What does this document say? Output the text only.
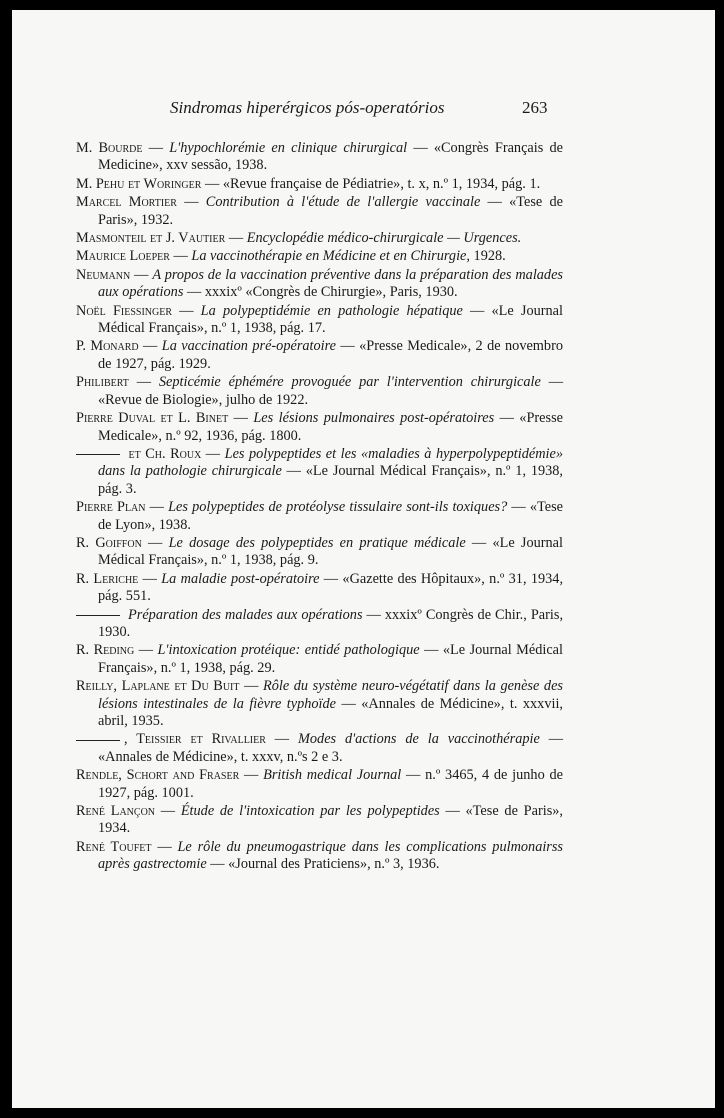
Sindromas hiperérgicos pós-operatórios	263

M. Bourde — L'hypochlorémie en clinique chirurgical — «Congrès Français de Medicine», xxv sessão, 1938.

M. Pehu et Woringer — «Revue française de Pédiatrie», t. x, n.º 1, 1934, pág. 1.

Marcel Mortier — Contribution à l'étude de l'allergie vaccinale — «Tese de Paris», 1932.

Masmonteil et J. Vautier — Encyclopédie médico-chirurgicale — Urgences.

Maurice Loeper — La vaccinothérapie en Médicine et en Chirurgie, 1928.

Neumann — A propos de la vaccination préventive dans la préparation des malades aux opérations — xxxixº «Congrès de Chirurgie», Paris, 1930.

Noël Fiessinger — La polypeptidémie en pathologie hépatique — «Le Journal Médical Français», n.º 1, 1938, pág. 17.

P. Monard — La vaccination pré-opératoire — «Presse Medicale», 2 de novembro de 1927, pág. 1929.

Philibert — Septicémie éphémére provoguée par l'intervention chirurgicale — «Revue de Biologie», julho de 1922.

Pierre Duval et L. Binet — Les lésions pulmonaires post-opératoires — «Presse Medicale», n.º 92, 1936, pág. 1800.

et Ch. Roux — Les polypeptides et les «maladies à hyperpolypeptidémie» dans la pathologie chirurgicale — «Le Journal Médical Français», n.º 1, 1938, pág. 3.

Pierre Plan — Les polypeptides de protéolyse tissulaire sont-ils toxiques? — «Tese de Lyon», 1938.

R. Goiffon — Le dosage des polypeptides en pratique médicale — «Le Journal Médical Français», n.º 1, 1938, pág. 9.

R. Leriche — La maladie post-opératoire — «Gazette des Hôpitaux», n.º 31, 1934, pág. 551.

Préparation des malades aux opérations — xxxixº Congrès de Chir., Paris, 1930.

R. Reding — L'intoxication protéique: entidé pathologique — «Le Journal Médical Français», n.º 1, 1938, pág. 29.

Reilly, Laplane et Du Buit — Rôle du système neuro-végétatif dans la genèse des lésions intestinales de la fièvre typhoïde — «Annales de Médicine», t. xxxvii, abril, 1935.

, Teissier et Rivallier — Modes d'actions de la vaccinothérapie — «Annales de Médicine», t. xxxv, n.ºs 2 e 3.

Rendle, Schort and Fraser — British medical Journal — n.º 3465, 4 de junho de 1927, pág. 1001.

René Lançon — Étude de l'intoxication par les polypeptides — «Tese de Paris», 1934.

René Toufet — Le rôle du pneumogastrique dans les complications pulmonairss après gastrectomie — «Journal des Praticiens», n.º 3, 1936.
